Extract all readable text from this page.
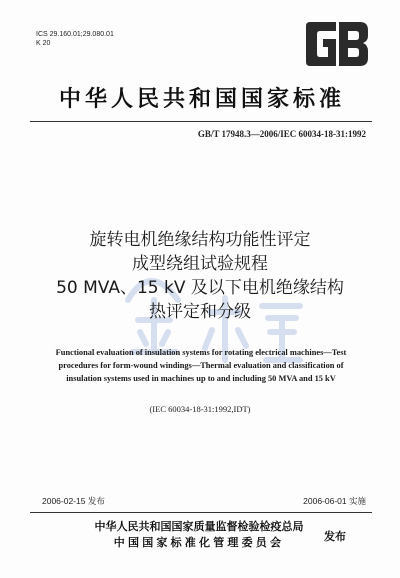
ICS 29.160.01;29.080.01
K 20
中华人民共和国国家标准
GB/T 17948.3—2006/IEC 60034-18-31:1992
旋转电机绝缘结构功能性评定
成型绕组试验规程
50 MVA、15 kV 及以下电机绝缘结构
热评定和分级
Functional evaluation of insulation systems for rotating electrical machines—Test
procedures for form-wound windings—Thermal evaluation and classification of
insulation systems used in machines up to and including 50 MVA and 15 kV
(IEC 60034-18-31:1992,IDT)
2006-02-15 发布	2006-06-01 实施
中华人民共和国国家质量监督检验检疫总局
中国国家标准化管理委员会	发布
